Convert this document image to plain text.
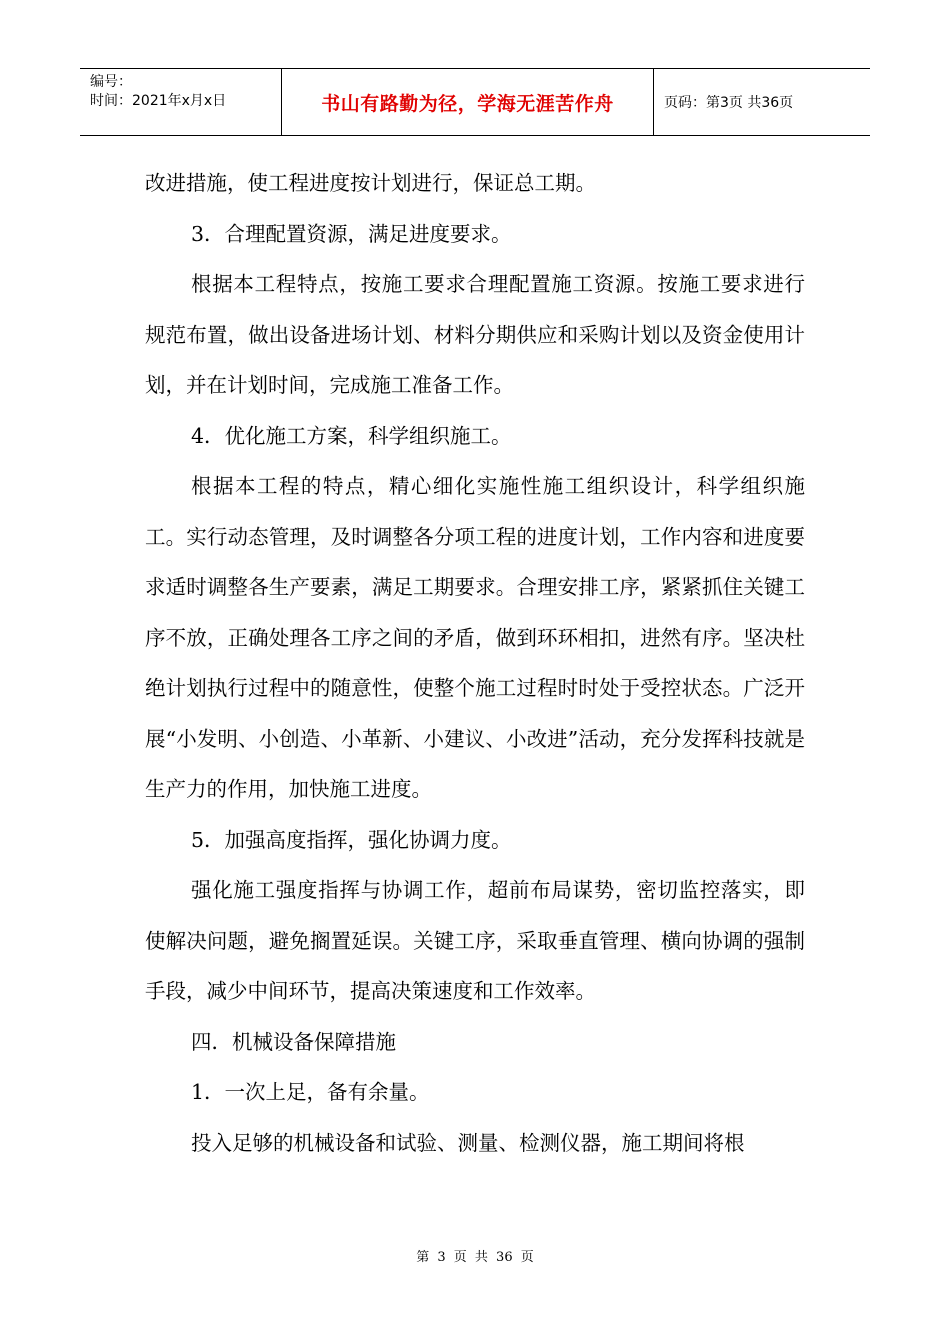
编号：
时间：2021年x月x日	书山有路勤为径，学海无涯苦作舟	页码：第3页 共36页

改进措施，使工程进度按计划进行，保证总工期。

3．合理配置资源，满足进度要求。

根据本工程特点，按施工要求合理配置施工资源。按施工要求进行规范布置，做出设备进场计划、材料分期供应和采购计划以及资金使用计划，并在计划时间，完成施工准备工作。

4．优化施工方案，科学组织施工。

根据本工程的特点，精心细化实施性施工组织设计，科学组织施工。实行动态管理，及时调整各分项工程的进度计划，工作内容和进度要求适时调整各生产要素，满足工期要求。合理安排工序，紧紧抓住关键工序不放，正确处理各工序之间的矛盾，做到环环相扣，进然有序。坚决杜绝计划执行过程中的随意性，使整个施工过程时时处于受控状态。广泛开展“小发明、小创造、小革新、小建议、小改进”活动，充分发挥科技就是生产力的作用，加快施工进度。

5．加强高度指挥，强化协调力度。

强化施工强度指挥与协调工作，超前布局谋势，密切监控落实，即使解决问题，避免搁置延误。关键工序，采取垂直管理、横向协调的强制手段，减少中间环节，提高决策速度和工作效率。

四．机械设备保障措施

1．一次上足，备有余量。

投入足够的机械设备和试验、测量、检测仪器，施工期间将根

第 3 页 共 36 页
